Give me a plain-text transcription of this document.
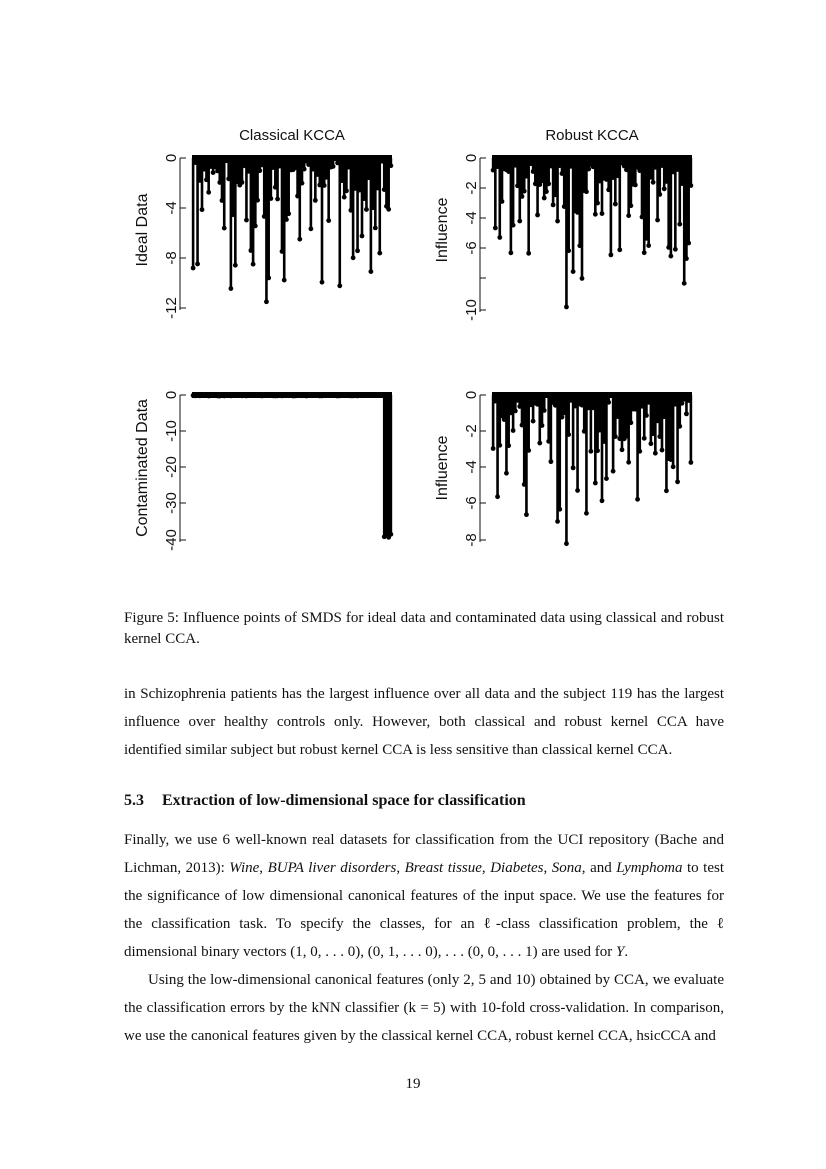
Classical KCCA
Ideal Data
0
-4
-8
-12
Robust KCCA
Influence
0
-2
-4
-6
-10
Contaminated Data
0
-10
-20
-30
-40
Influence
0
-2
-4
-6
-8
Figure 5: Influence points of SMDS for ideal data and contaminated data using classical and robust kernel CCA.

in Schizophrenia patients has the largest influence over all data and the subject 119 has the largest influence over healthy controls only. However, both classical and robust kernel CCA have identified similar subject but robust kernel CCA is less sensitive than classical kernel CCA.

5.3 Extraction of low-dimensional space for classification

Finally, we use 6 well-known real datasets for classification from the UCI repository (Bache and Lichman, 2013): Wine, BUPA liver disorders, Breast tissue, Diabetes, Sona, and Lymphoma to test the significance of low dimensional canonical features of the input space. We use the features for the classification task. To specify the classes, for an ℓ-class classification problem, the ℓ dimensional binary vectors (1, 0, . . . 0), (0, 1, . . . 0), . . . (0, 0, . . . 1) are used for Y.

Using the low-dimensional canonical features (only 2, 5 and 10) obtained by CCA, we evaluate the classification errors by the kNN classifier (k = 5) with 10-fold cross-validation. In comparison, we use the canonical features given by the classical kernel CCA, robust kernel CCA, hsicCCA and

19
